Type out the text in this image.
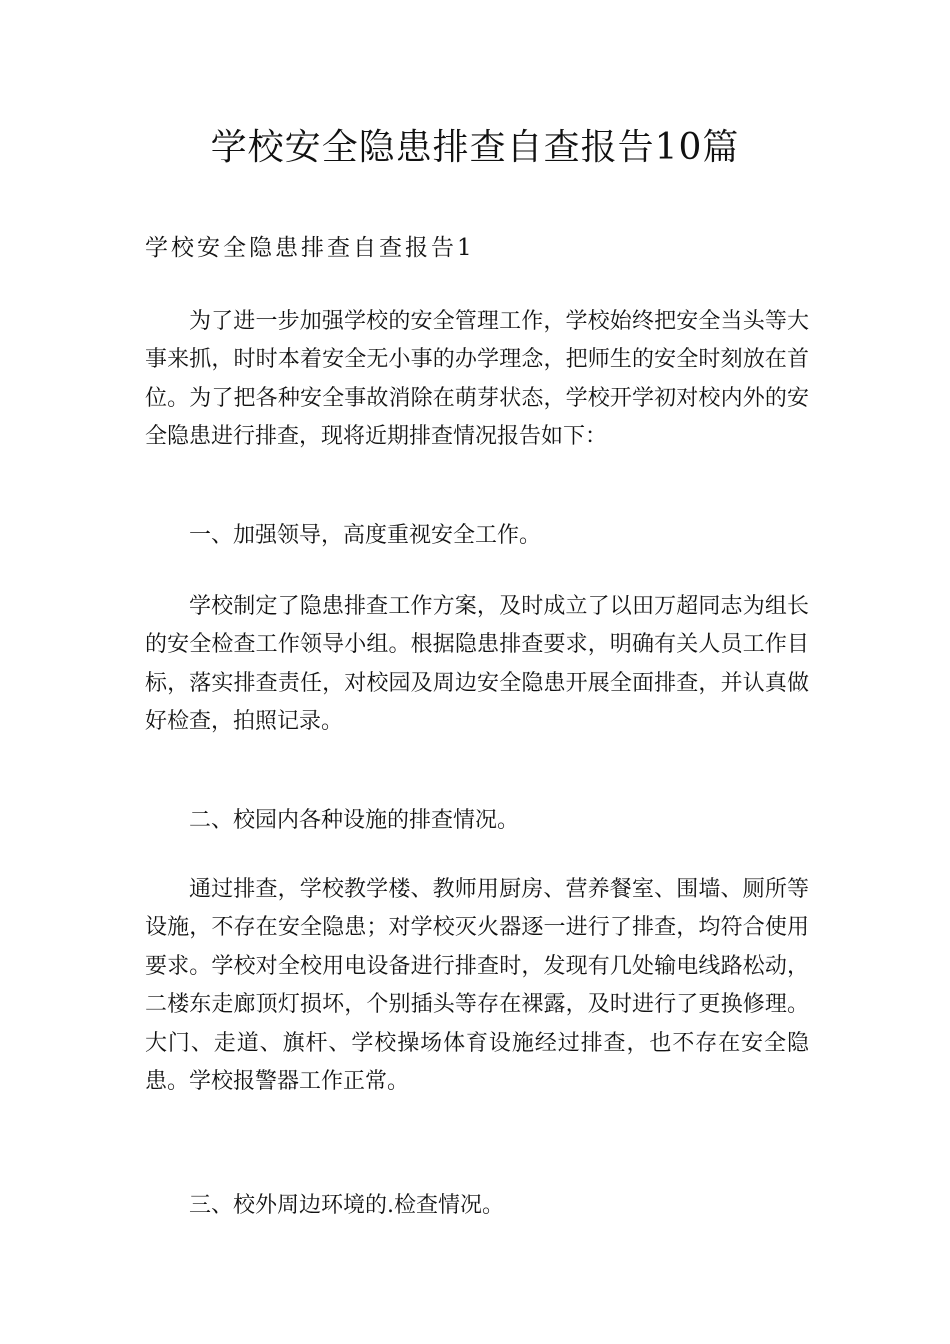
学校安全隐患排查自查报告10篇
学校安全隐患排查自查报告1

为了进一步加强学校的安全管理工作，学校始终把安全当头等大事来抓，时时本着安全无小事的办学理念，把师生的安全时刻放在首位。为了把各种安全事故消除在萌芽状态，学校开学初对校内外的安全隐患进行排查，现将近期排查情况报告如下：

一、加强领导，高度重视安全工作。

学校制定了隐患排查工作方案，及时成立了以田万超同志为组长的安全检查工作领导小组。根据隐患排查要求，明确有关人员工作目标，落实排查责任，对校园及周边安全隐患开展全面排查，并认真做好检查，拍照记录。

二、校园内各种设施的排查情况。

通过排查，学校教学楼、教师用厨房、营养餐室、围墙、厕所等设施，不存在安全隐患；对学校灭火器逐一进行了排查，均符合使用要求。学校对全校用电设备进行排查时，发现有几处输电线路松动，二楼东走廊顶灯损坏，个别插头等存在裸露，及时进行了更换修理。大门、走道、旗杆、学校操场体育设施经过排查，也不存在安全隐患。学校报警器工作正常。

三、校外周边环境的.检查情况。
